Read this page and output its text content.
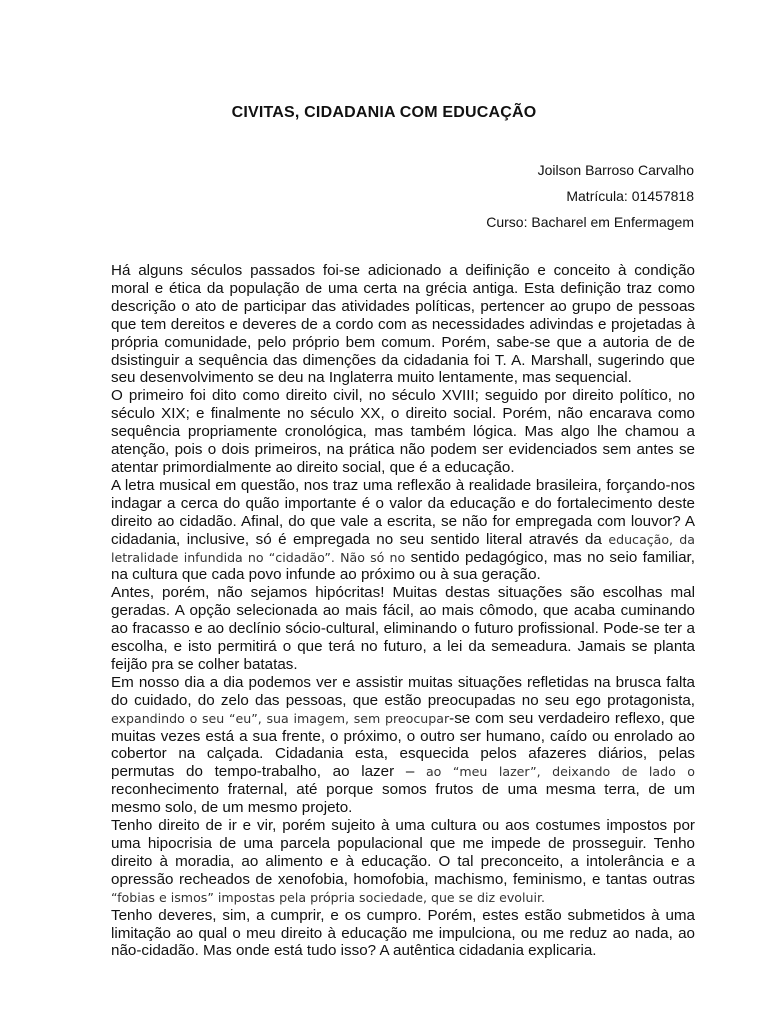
CIVITAS, CIDADANIA COM EDUCAÇÃO
Joilson Barroso Carvalho
Matrícula: 01457818
Curso: Bacharel em Enfermagem

Há alguns séculos passados foi-se adicionado a deifinição e conceito à condição moral e ética da população de uma certa na grécia antiga. Esta definição traz como descrição o ato de participar das atividades políticas, pertencer ao grupo de pessoas que tem dereitos e deveres de a cordo com as necessidades adivindas e projetadas à própria comunidade, pelo próprio bem comum. Porém, sabe-se que a autoria de de dsistinguir a sequência das dimenções da cidadania foi T. A. Marshall, sugerindo que seu desenvolvimento se deu na Inglaterra muito lentamente, mas sequencial.

O primeiro foi dito como direito civil, no século XVIII; seguido por direito político, no século XIX; e finalmente no século XX, o direito social. Porém, não encarava como sequência propriamente cronológica, mas também lógica. Mas algo lhe chamou a atenção, pois o dois primeiros, na prática não podem ser evidenciados sem antes se atentar primordialmente ao direito social, que é a educação.

A letra musical em questão, nos traz uma reflexão à realidade brasileira, forçando-nos indagar a cerca do quão importante é o valor da educação e do fortalecimento deste direito ao cidadão. Afinal, do que vale a escrita, se não for empregada com louvor? A cidadania, inclusive, só é empregada no seu sentido literal através da educação, da letralidade infundida no “cidadão”. Não só no sentido pedagógico, mas no seio familiar, na cultura que cada povo infunde ao próximo ou à sua geração.

Antes, porém, não sejamos hipócritas! Muitas destas situações são escolhas mal geradas. A opção selecionada ao mais fácil, ao mais cômodo, que acaba cuminando ao fracasso e ao declínio sócio-cultural, eliminando o futuro profissional. Pode-se ter a escolha, e isto permitirá o que terá no futuro, a lei da semeadura. Jamais se planta feijão pra se colher batatas.

Em nosso dia a dia podemos ver e assistir muitas situações refletidas na brusca falta do cuidado, do zelo das pessoas, que estão preocupadas no seu ego protagonista, expandindo o seu “eu”, sua imagem, sem preocupar-se com seu verdadeiro reflexo, que muitas vezes está a sua frente, o próximo, o outro ser humano, caído ou enrolado ao cobertor na calçada. Cidadania esta, esquecida pelos afazeres diários, pelas permutas do tempo-trabalho, ao lazer – ao “meu lazer”, deixando de lado o reconhecimento fraternal, até porque somos frutos de uma mesma terra, de um mesmo solo, de um mesmo projeto.

Tenho direito de ir e vir, porém sujeito à uma cultura ou aos costumes impostos por uma hipocrisia de uma parcela populacional que me impede de prosseguir. Tenho direito à moradia, ao alimento e à educação. O tal preconceito, a intolerância e a opressão recheados de xenofobia, homofobia, machismo, feminismo, e tantas outras “fobias e ismos” impostas pela própria sociedade, que se diz evoluir.

Tenho deveres, sim, a cumprir, e os cumpro. Porém, estes estão submetidos à uma limitação ao qual o meu direito à educação me impulciona, ou me reduz ao nada, ao não-cidadão. Mas onde está tudo isso? A autêntica cidadania explicaria.
